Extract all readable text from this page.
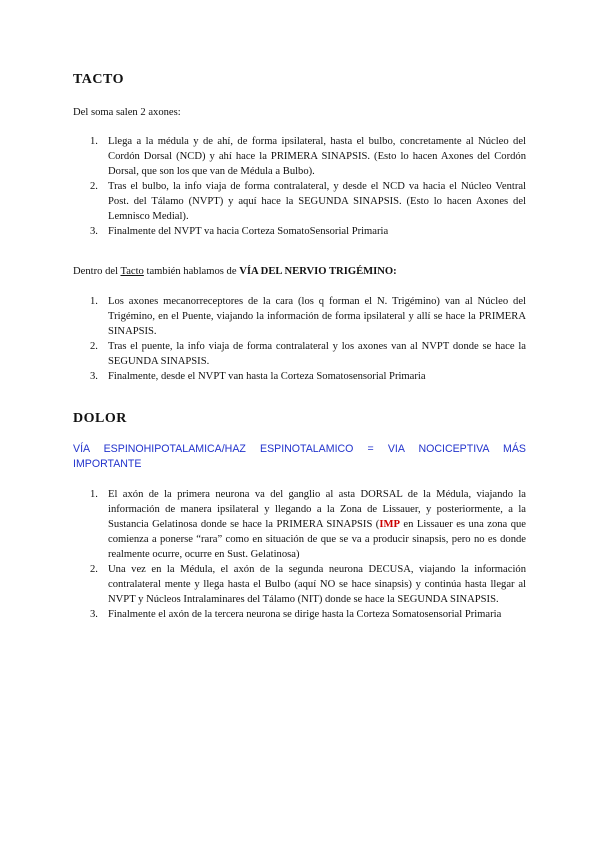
TACTO

Del soma salen 2 axones:

1. Llega a la médula y de ahí, de forma ipsilateral, hasta el bulbo, concretamente al Núcleo del Cordón Dorsal (NCD) y ahí hace la PRIMERA SINAPSIS. (Esto lo hacen Axones del Cordón Dorsal, que son los que van de Médula a Bulbo).
2. Tras el bulbo, la info viaja de forma contralateral, y desde el NCD va hacia el Núcleo Ventral Post. del Tálamo (NVPT) y aquí hace la SEGUNDA SINAPSIS. (Esto lo hacen Axones del Lemnisco Medial).
3. Finalmente del NVPT va hacia Corteza SomatoSensorial Primaria

Dentro del Tacto también hablamos de VÍA DEL NERVIO TRIGÉMINO:

1. Los axones mecanorreceptores de la cara (los q forman el N. Trigémino) van al Núcleo del Trigémino, en el Puente, viajando la información de forma ipsilateral y allí se hace la PRIMERA SINAPSIS.
2. Tras el puente, la info viaja de forma contralateral y los axones van al NVPT donde se hace la SEGUNDA SINAPSIS.
3. Finalmente, desde el NVPT van hasta la Corteza Somatosensorial Primaria
DOLOR

VÍA ESPINOHIPOTALAMICA/HAZ ESPINOTALAMICO = VIA NOCICEPTIVA MÁS IMPORTANTE

1. El axón de la primera neurona va del ganglio al asta DORSAL de la Médula, viajando la información de manera ipsilateral y llegando a la Zona de Lissauer, y posteriormente, a la Sustancia Gelatinosa donde se hace la PRIMERA SINAPSIS (IMP en Lissauer es una zona que comienza a ponerse “rara” como en situación de que se va a producir sinapsis, pero no es donde realmente ocurre, ocurre en Sust. Gelatinosa)
2. Una vez en la Médula, el axón de la segunda neurona DECUSA, viajando la información contralateral mente y llega hasta el Bulbo (aquí NO se hace sinapsis) y continúa hasta llegar al NVPT y Núcleos Intralaminares del Tálamo (NIT) donde se hace la SEGUNDA SINAPSIS.
3. Finalmente el axón de la tercera neurona se dirige hasta la Corteza Somatosensorial Primaria
